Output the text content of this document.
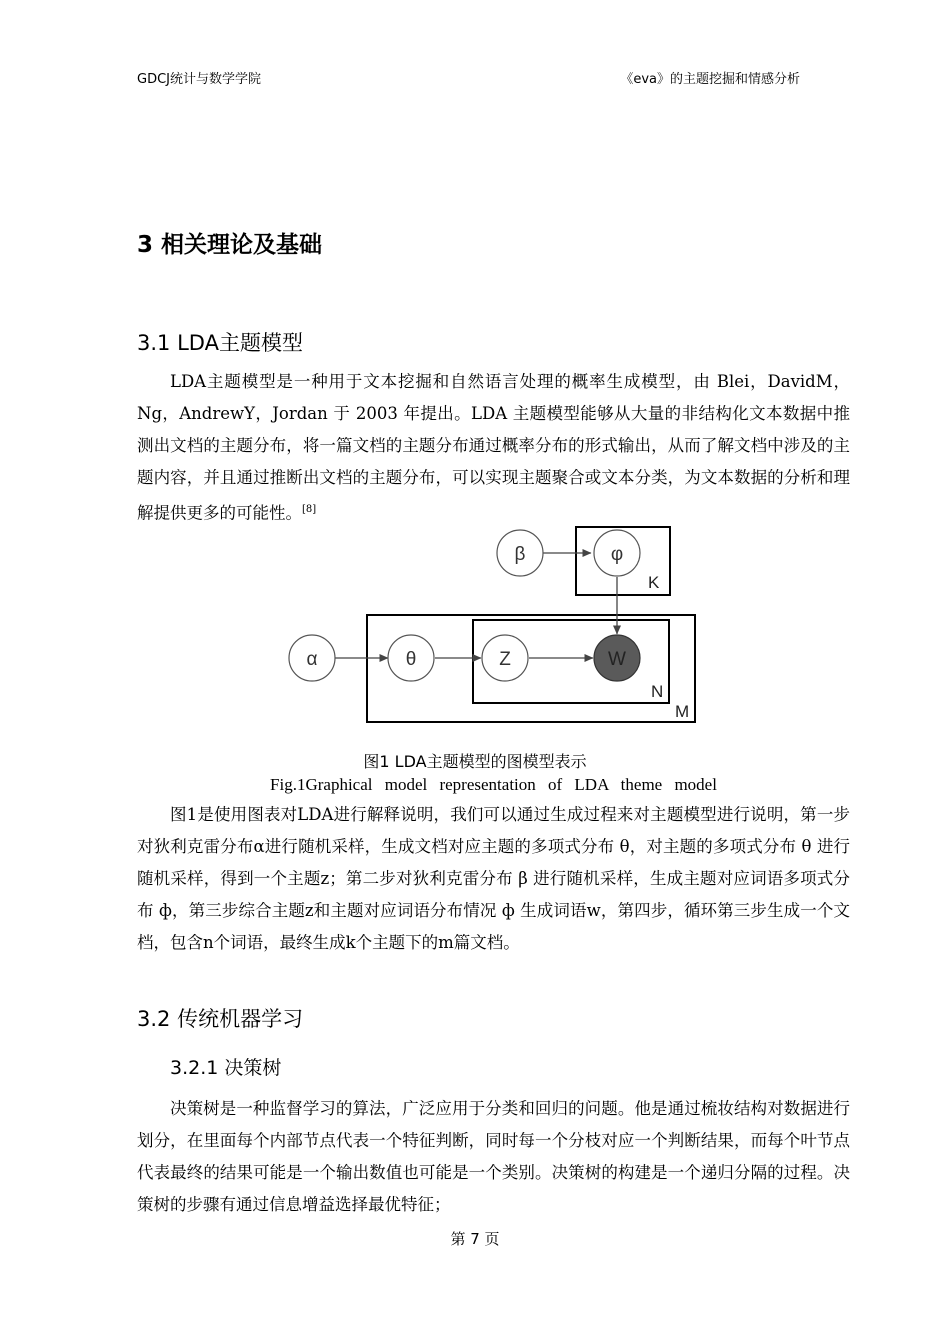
GDCJ统计与数学学院	《eva》的主题挖掘和情感分析
3 相关理论及基础
3.1 LDA主题模型

LDA主题模型是一种用于文本挖掘和自然语言处理的概率生成模型，由 Blei，DavidM，Ng，AndrewY，Jordan 于 2003 年提出。LDA 主题模型能够从大量的非结构化文本数据中推测出文档的主题分布，将一篇文档的主题分布通过概率分布的形式输出，从而了解文档中涉及的主题内容，并且通过推断出文档的主题分布，可以实现主题聚合或文本分类，为文本数据的分析和理解提供更多的可能性。[8]

β	φ
α	θ	Z	W
K
N
M
图1 LDA主题模型的图模型表示
Fig.1Graphical model representation of LDA theme model

图1是使用图表对LDA进行解释说明，我们可以通过生成过程来对主题模型进行说明，第一步对狄利克雷分布α进行随机采样，生成文档对应主题的多项式分布 θ，对主题的多项式分布 θ 进行随机采样，得到一个主题z；第二步对狄利克雷分布 β 进行随机采样，生成主题对应词语多项式分布 ф，第三步综合主题z和主题对应词语分布情况 ф 生成词语w，第四步，循环第三步生成一个文档，包含n个词语，最终生成k个主题下的m篇文档。

3.2 传统机器学习
3.2.1 决策树

决策树是一种监督学习的算法，广泛应用于分类和回归的问题。他是通过梳妆结构对数据进行划分，在里面每个内部节点代表一个特征判断，同时每一个分枝对应一个判断结果，而每个叶节点代表最终的结果可能是一个输出数值也可能是一个类别。决策树的构建是一个递归分隔的过程。决策树的步骤有通过信息增益选择最优特征；

第 7 页
